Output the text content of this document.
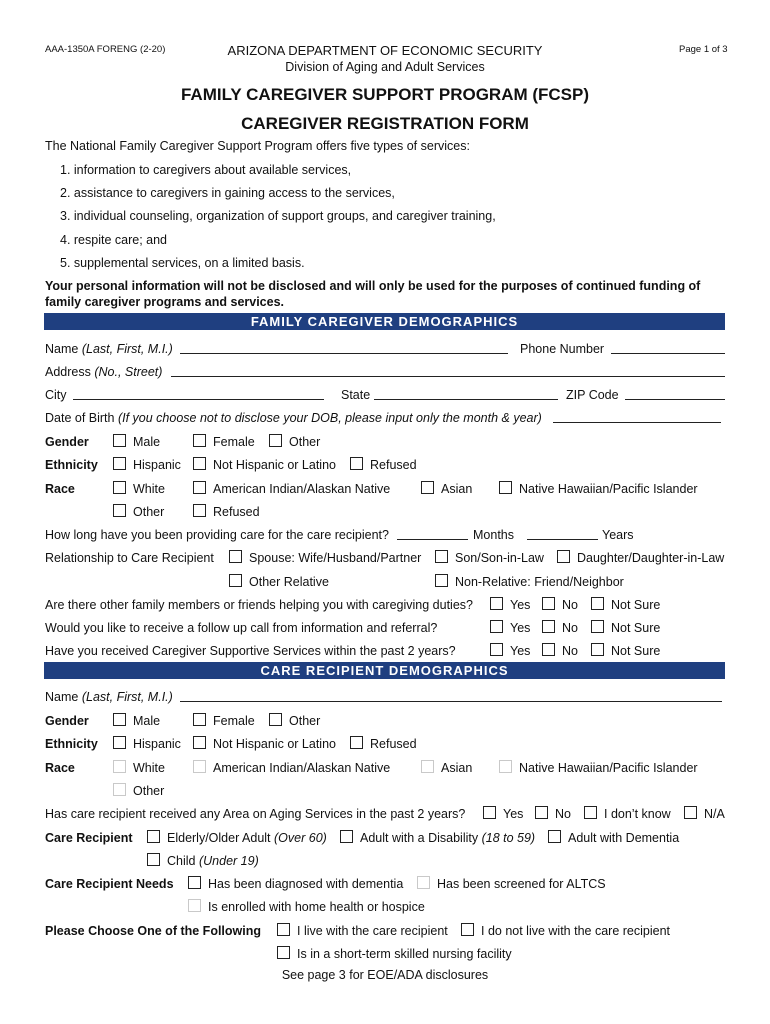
AAA-1350A FORENG (2-20)	ARIZONA DEPARTMENT OF ECONOMIC SECURITY
Division of Aging and Adult Services
Page 1 of 3
FAMILY CAREGIVER SUPPORT PROGRAM (FCSP)
CAREGIVER REGISTRATION FORM
The National Family Caregiver Support Program offers five types of services:
1. information to caregivers about available services,
2. assistance to caregivers in gaining access to the services,
3. individual counseling, organization of support groups, and caregiver training,
4. respite care; and
5. supplemental services, on a limited basis.
Your personal information will not be disclosed and will only be used for the purposes of continued funding of
family caregiver programs and services.
FAMILY CAREGIVER DEMOGRAPHICS
Name (Last, First, M.I.)	Phone Number
Address (No., Street)
City	State	ZIP Code
Date of Birth (If you choose not to disclose your DOB, please input only the month & year)
Gender	Male	Female	Other
Ethnicity	Hispanic	Not Hispanic or Latino	Refused
Race	White	American Indian/Alaskan Native	Asian	Native Hawaiian/Pacific Islander
Other	Refused
How long have you been providing care for the care recipient?	Months	Years
Relationship to Care Recipient	Spouse: Wife/Husband/Partner	Son/Son-in-Law	Daughter/Daughter-in-Law
Other Relative	Non-Relative: Friend/Neighbor
Are there other family members or friends helping you with caregiving duties?	Yes	No	Not Sure
Would you like to receive a follow up call from information and referral?	Yes	No	Not Sure
Have you received Caregiver Supportive Services within the past 2 years?	Yes	No	Not Sure
CARE RECIPIENT DEMOGRAPHICS
Name (Last, First, M.I.)
Gender	Male	Female	Other
Ethnicity	Hispanic	Not Hispanic or Latino	Refused
Race	White	American Indian/Alaskan Native	Asian	Native Hawaiian/Pacific Islander
Other
Has care recipient received any Area on Aging Services in the past 2 years?	Yes	No	I don’t know	N/A
Care Recipient	Elderly/Older Adult (Over 60)	Adult with a Disability (18 to 59)	Adult with Dementia
Child (Under 19)
Care Recipient Needs	Has been diagnosed with dementia	Has been screened for ALTCS
Is enrolled with home health or hospice
Please Choose One of the Following	I live with the care recipient	I do not live with the care recipient
Is in a short-term skilled nursing facility
See page 3 for EOE/ADA disclosures
